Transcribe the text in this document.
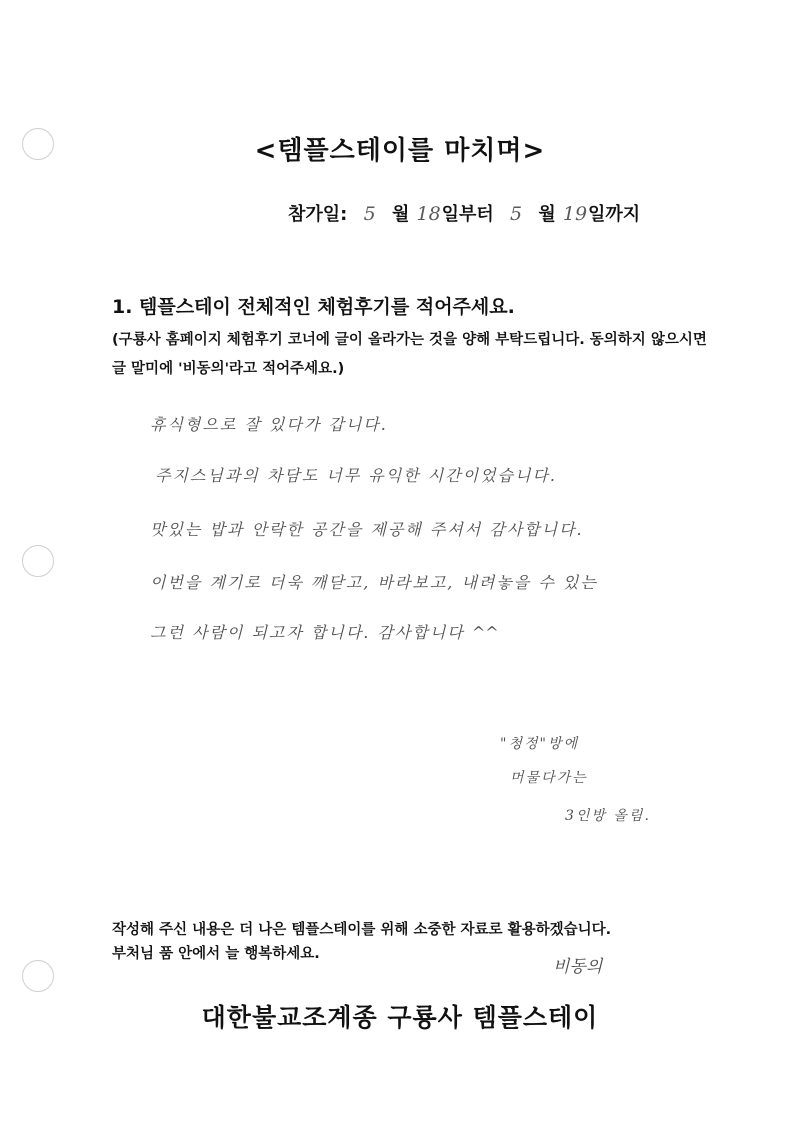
<템플스테이를 마치며>
참가일: 5 월 18일부터 5 월 19일까지
1. 템플스테이 전체적인 체험후기를 적어주세요.
(구룡사 홈페이지 체험후기 코너에 글이 올라가는 것을 양해 부탁드립니다. 동의하지 않으시면 글 말미에 '비동의'라고 적어주세요.)
휴식형으로 잘 있다가 갑니다.
주지스님과의 차담도 너무 유익한 시간이었습니다.
맛있는 밥과 안락한 공간을 제공해 주셔서 감사합니다.
이번을 계기로 더욱 깨닫고, 바라보고, 내려놓을 수 있는
그런 사람이 되고자 합니다. 감사합니다 ^^
"청정"방에
머물다가는
3인방 올림.
작성해 주신 내용은 더 나은 템플스테이를 위해 소중한 자료로 활용하겠습니다.
부처님 품 안에서 늘 행복하세요.
비동의
대한불교조계종 구룡사 템플스테이
